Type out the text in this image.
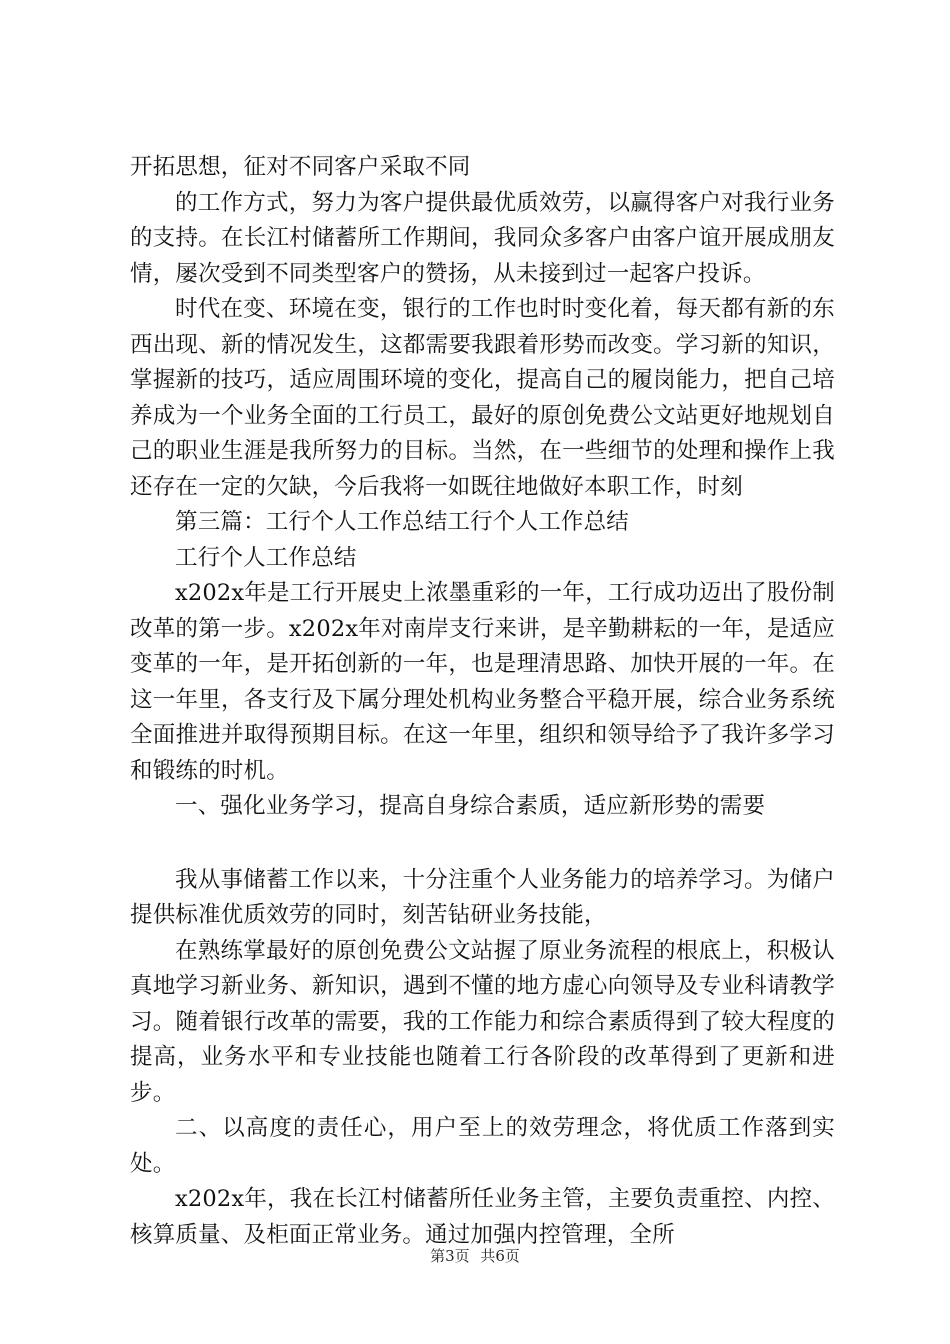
开拓思想，征对不同客户采取不同

的工作方式，努力为客户提供最优质效劳，以赢得客户对我行业务的支持。在长江村储蓄所工作期间，我同众多客户由客户谊开展成朋友情，屡次受到不同类型客户的赞扬，从未接到过一起客户投诉。

时代在变、环境在变，银行的工作也时时变化着，每天都有新的东西出现、新的情况发生，这都需要我跟着形势而改变。学习新的知识，掌握新的技巧，适应周围环境的变化，提高自己的履岗能力，把自己培养成为一个业务全面的工行员工，最好的原创免费公文站更好地规划自己的职业生涯是我所努力的目标。当然，在一些细节的处理和操作上我还存在一定的欠缺，今后我将一如既往地做好本职工作，时刻

第三篇：工行个人工作总结工行个人工作总结

工行个人工作总结

x202x年是工行开展史上浓墨重彩的一年，工行成功迈出了股份制改革的第一步。x202x年对南岸支行来讲，是辛勤耕耘的一年，是适应变革的一年，是开拓创新的一年，也是理清思路、加快开展的一年。在这一年里，各支行及下属分理处机构业务整合平稳开展，综合业务系统全面推进并取得预期目标。在这一年里，组织和领导给予了我许多学习和锻练的时机。

一、强化业务学习，提高自身综合素质，适应新形势的需要

我从事储蓄工作以来，十分注重个人业务能力的培养学习。为储户提供标准优质效劳的同时，刻苦钻研业务技能，

在熟练掌最好的原创免费公文站握了原业务流程的根底上，积极认真地学习新业务、新知识，遇到不懂的地方虚心向领导及专业科请教学习。随着银行改革的需要，我的工作能力和综合素质得到了较大程度的提高，业务水平和专业技能也随着工行各阶段的改革得到了更新和进步。

二、以高度的责任心，用户至上的效劳理念，将优质工作落到实处。

x202x年，我在长江村储蓄所任业务主管，主要负责重控、内控、核算质量、及柜面正常业务。通过加强内控管理，全所

第3页 共6页
